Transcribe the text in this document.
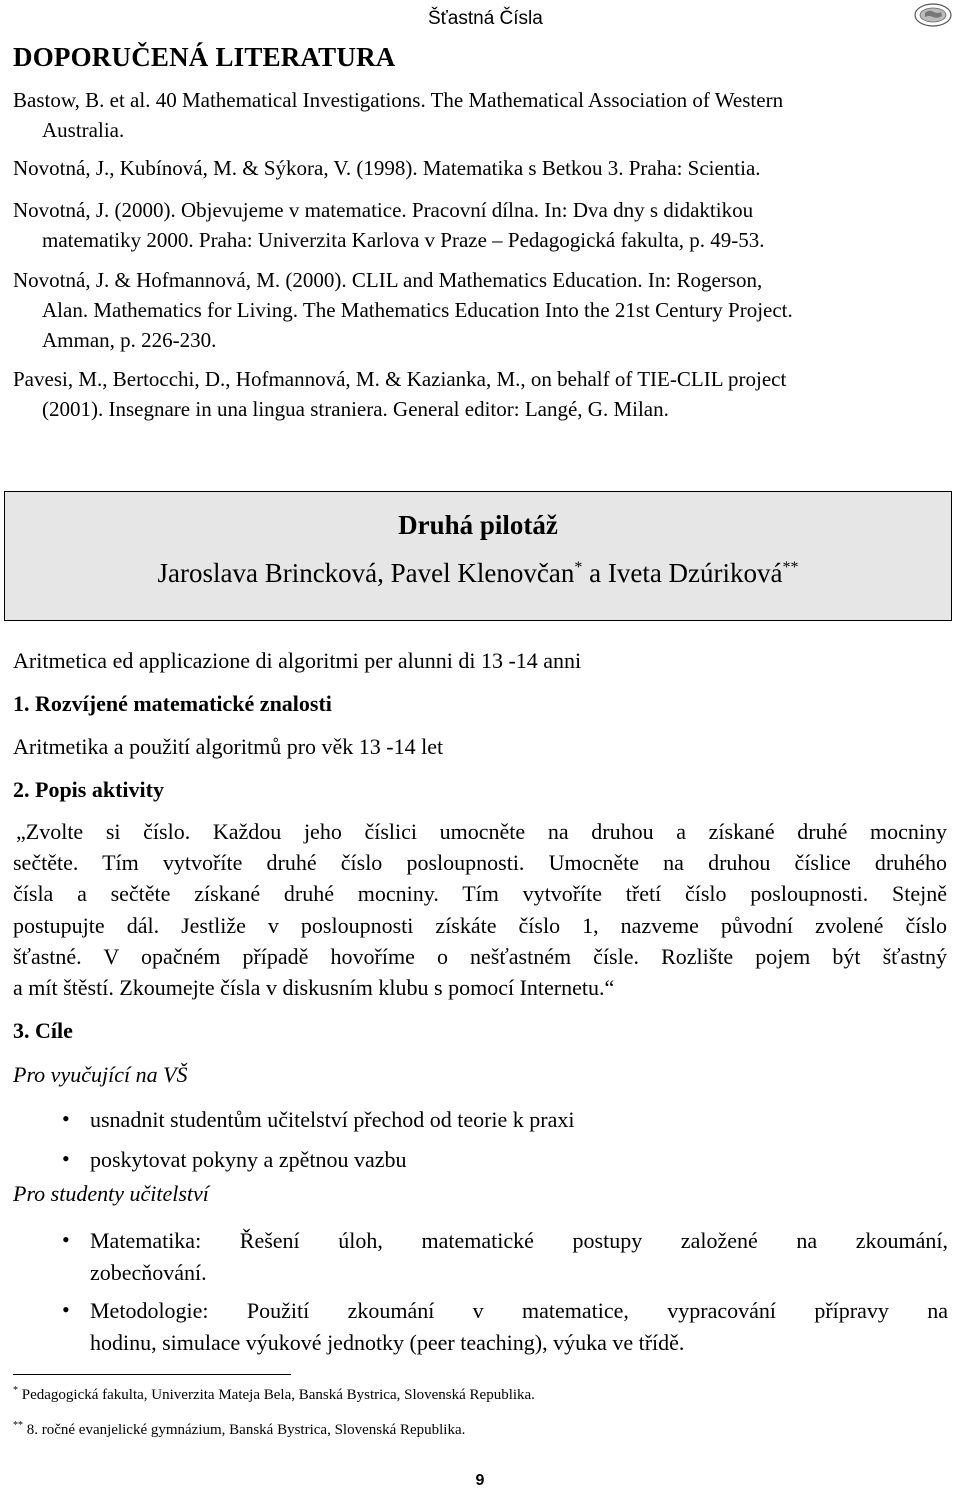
Šťastná Čísla
DOPORUČENÁ LITERATURA
Bastow, B. et al. 40 Mathematical Investigations. The Mathematical Association of Western
Australia.
Novotná, J., Kubínová, M. & Sýkora, V. (1998). Matematika s Betkou 3. Praha: Scientia.
Novotná, J. (2000). Objevujeme v matematice. Pracovní dílna. In: Dva dny s didaktikou
matematiky 2000. Praha: Univerzita Karlova v Praze – Pedagogická fakulta, p. 49-53.
Novotná, J. & Hofmannová, M. (2000). CLIL and Mathematics Education. In: Rogerson,
Alan. Mathematics for Living. The Mathematics Education Into the 21st Century Project.
Amman, p. 226-230.
Pavesi, M., Bertocchi, D., Hofmannová, M. & Kazianka, M., on behalf of TIE-CLIL project
(2001). Insegnare in una lingua straniera. General editor: Langé, G. Milan.
Druhá pilotáž
Jaroslava Brincková, Pavel Klenovčan* a Iveta Dzúriková**
Aritmetica ed applicazione di algoritmi per alunni di 13 -14 anni
1. Rozvíjené matematické znalosti
Aritmetika a použití algoritmů pro věk 13 -14 let
2. Popis aktivity
„Zvolte si číslo. Každou jeho číslici umocněte na druhou a získané druhé mocniny
sečtěte. Tím vytvoříte druhé číslo posloupnosti. Umocněte na druhou číslice druhého
čísla a sečtěte získané druhé mocniny. Tím vytvoříte třetí číslo posloupnosti. Stejně
postupujte dál. Jestliže v posloupnosti získáte číslo 1, nazveme původní zvolené číslo
šťastné. V opačném případě hovoříme o nešťastném čísle. Rozlište pojem být šťastný
a mít štěstí. Zkoumejte čísla v diskusním klubu s pomocí Internetu.“
3. Cíle
Pro vyučující na VŠ
• usnadnit studentům učitelství přechod od teorie k praxi
• poskytovat pokyny a zpětnou vazbu
Pro studenty učitelství
• Matematika: Řešení úloh, matematické postupy založené na zkoumání,
zobecňování.
• Metodologie: Použití zkoumání v matematice, vypracování přípravy na
hodinu, simulace výukové jednotky (peer teaching), výuka ve třídě.
* Pedagogická fakulta, Univerzita Mateja Bela, Banská Bystrica, Slovenská Republika.
** 8. ročné evanjelické gymnázium, Banská Bystrica, Slovenská Republika.
9
